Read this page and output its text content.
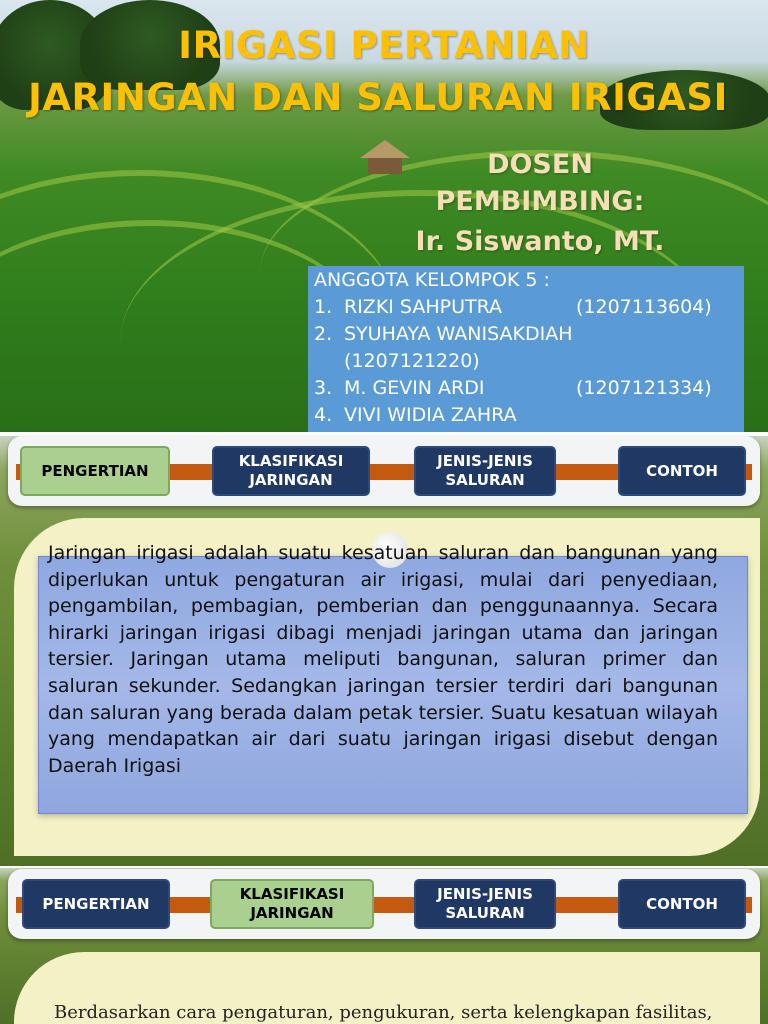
IRIGASI PERTANIAN
JARINGAN DAN SALURAN IRIGASI
DOSEN
PEMBIMBING:
Ir. Siswanto, MT.
ANGGOTA KELOMPOK 5 :
1. RIZKI SAHPUTRA	(1207113604)
2. SYUHAYA WANISAKDIAH
(1207121220)
3. M. GEVIN ARDI	(1207121334)
4. VIVI WIDIA ZAHRA
PENGERTIAN
KLASIFIKASI JARINGAN
JENIS-JENIS SALURAN
CONTOH
Jaringan irigasi adalah suatu kesatuan saluran dan bangunan yang diperlukan untuk pengaturan air irigasi, mulai dari penyediaan, pengambilan, pembagian, pemberian dan penggunaannya. Secara hirarki jaringan irigasi dibagi menjadi jaringan utama dan jaringan tersier. Jaringan utama meliputi bangunan, saluran primer dan saluran sekunder. Sedangkan jaringan tersier terdiri dari bangunan dan saluran yang berada dalam petak tersier. Suatu kesatuan wilayah yang mendapatkan air dari suatu jaringan irigasi disebut dengan Daerah Irigasi
PENGERTIAN
KLASIFIKASI JARINGAN
JENIS-JENIS SALURAN
CONTOH
Berdasarkan cara pengaturan, pengukuran, serta kelengkapan fasilitas,
